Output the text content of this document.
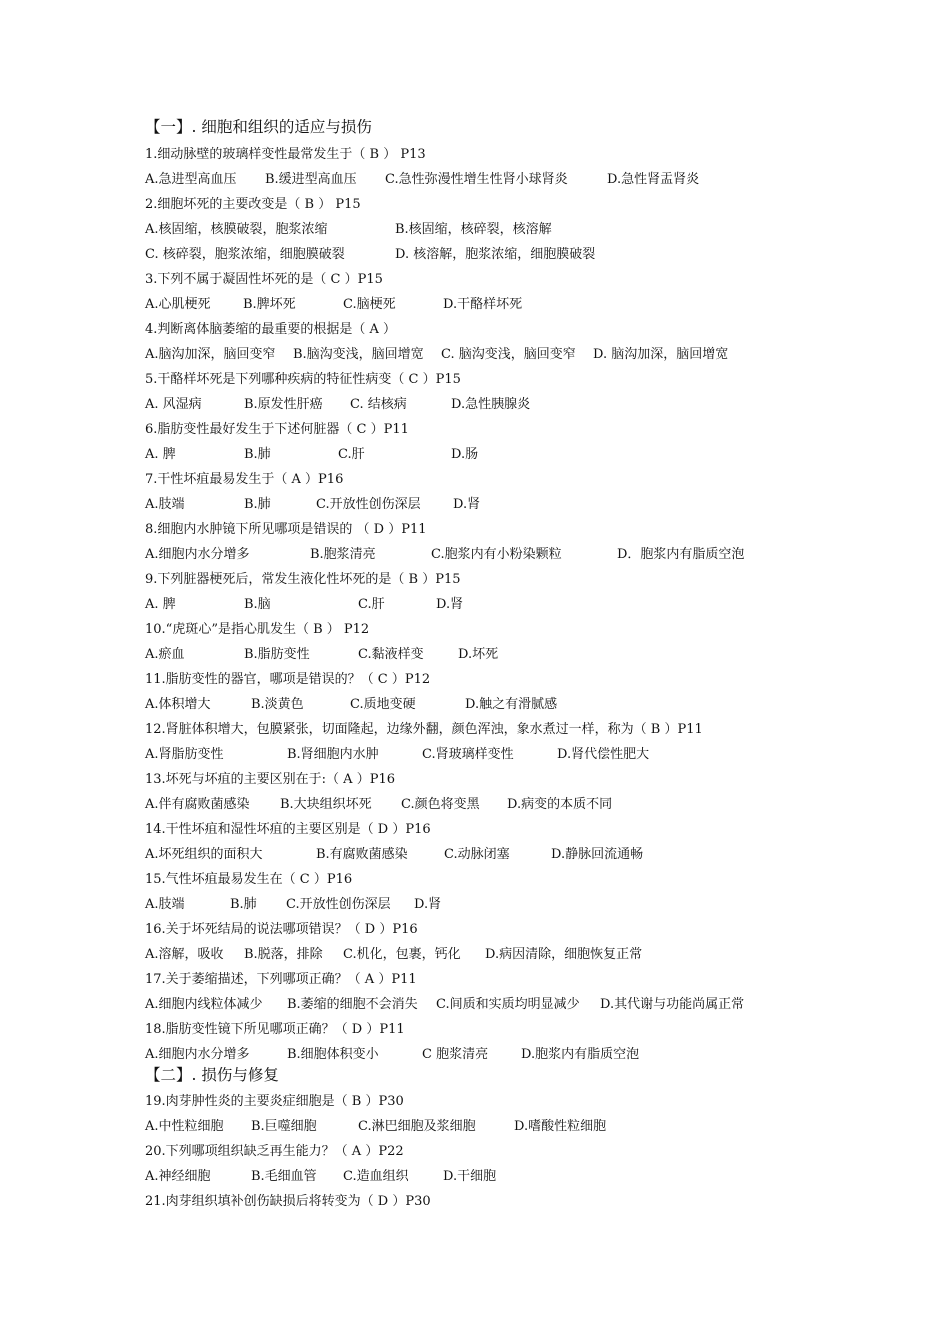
【一】. 细胞和组织的适应与损伤
1.细动脉壁的玻璃样变性最常发生于（ B ） P13
A.急进型高血压 B.缓进型高血压 C.急性弥漫性增生性肾小球肾炎	D.急性肾盂肾炎
2.细胞坏死的主要改变是（ B ） P15
A.核固缩，核膜破裂，胞浆浓缩	B.核固缩，核碎裂，核溶解
C. 核碎裂，胞浆浓缩，细胞膜破裂	D. 核溶解，胞浆浓缩，细胞膜破裂
3.下列不属于凝固性坏死的是（ C ）P15
A.心肌梗死 B.脾坏死	C.脑梗死	D.干酪样坏死
4.判断离体脑萎缩的最重要的根据是（ A ）
A.脑沟加深，脑回变窄 B.脑沟变浅，脑回增宽 C. 脑沟变浅，脑回变窄 D. 脑沟加深，脑回增宽
5.干酪样坏死是下列哪种疾病的特征性病变（ C ）P15
A. 风湿病	B.原发性肝癌 C. 结核病	D.急性胰腺炎
6.脂肪变性最好发生于下述何脏器（ C ）P11
A. 脾	B.肺	C.肝	D.肠
7.干性坏疽最易发生于（ A ）P16
A.肢端	B.肺	C.开放性创伤深层 D.肾
8.细胞内水肿镜下所见哪项是错误的 （ D ）P11
A.细胞内水分增多	B.胞浆清亮	C.胞浆内有小粉染颗粒	D．胞浆内有脂质空泡
9.下列脏器梗死后，常发生液化性坏死的是（ B ）P15
A. 脾	B.脑	C.肝	D.肾
10.“虎斑心”是指心肌发生（ B ） P12
A.瘀血	B.脂肪变性	C.黏液样变	D.坏死
11.脂肪变性的器官，哪项是错误的？（ C ）P12
A.体积增大	B.淡黄色	C.质地变硬	D.触之有滑腻感
12.肾脏体积增大，包膜紧张，切面隆起，边缘外翻，颜色浑浊，象水煮过一样，称为（ B ）P11
A.肾脂肪变性	B.肾细胞内水肿	C.肾玻璃样变性	D.肾代偿性肥大
13.坏死与坏疽的主要区别在于:（ A ）P16
A.伴有腐败菌感染 B.大块组织坏死 C.颜色将变黑 D.病变的本质不同
14.干性坏疽和湿性坏疽的主要区别是（ D ）P16
A.坏死组织的面积大	B.有腐败菌感染	C.动脉闭塞	D.静脉回流通畅
15.气性坏疽最易发生在（ C ）P16
A.肢端	B.肺 C.开放性创伤深层 D.肾
16.关于坏死结局的说法哪项错误？（ D ）P16
A.溶解，吸收 B.脱落，排除 C.机化，包裹，钙化 D.病因清除，细胞恢复正常
17.关于萎缩描述，下列哪项正确？（ A ）P11
A.细胞内线粒体减少 B.萎缩的细胞不会消失 C.间质和实质均明显减少 D.其代谢与功能尚属正常
18.脂肪变性镜下所见哪项正确？（ D ）P11
A.细胞内水分增多	B.细胞体积变小	C 胞浆清亮	D.胞浆内有脂质空泡
【二】. 损伤与修复
19.肉芽肿性炎的主要炎症细胞是（ B ）P30
A.中性粒细胞 B.巨噬细胞	C.淋巴细胞及浆细胞	D.嗜酸性粒细胞
20.下列哪项组织缺乏再生能力？（ A ）P22
A.神经细胞	B.毛细血管 C.造血组织	D.干细胞
21.肉芽组织填补创伤缺损后将转变为（ D ）P30
